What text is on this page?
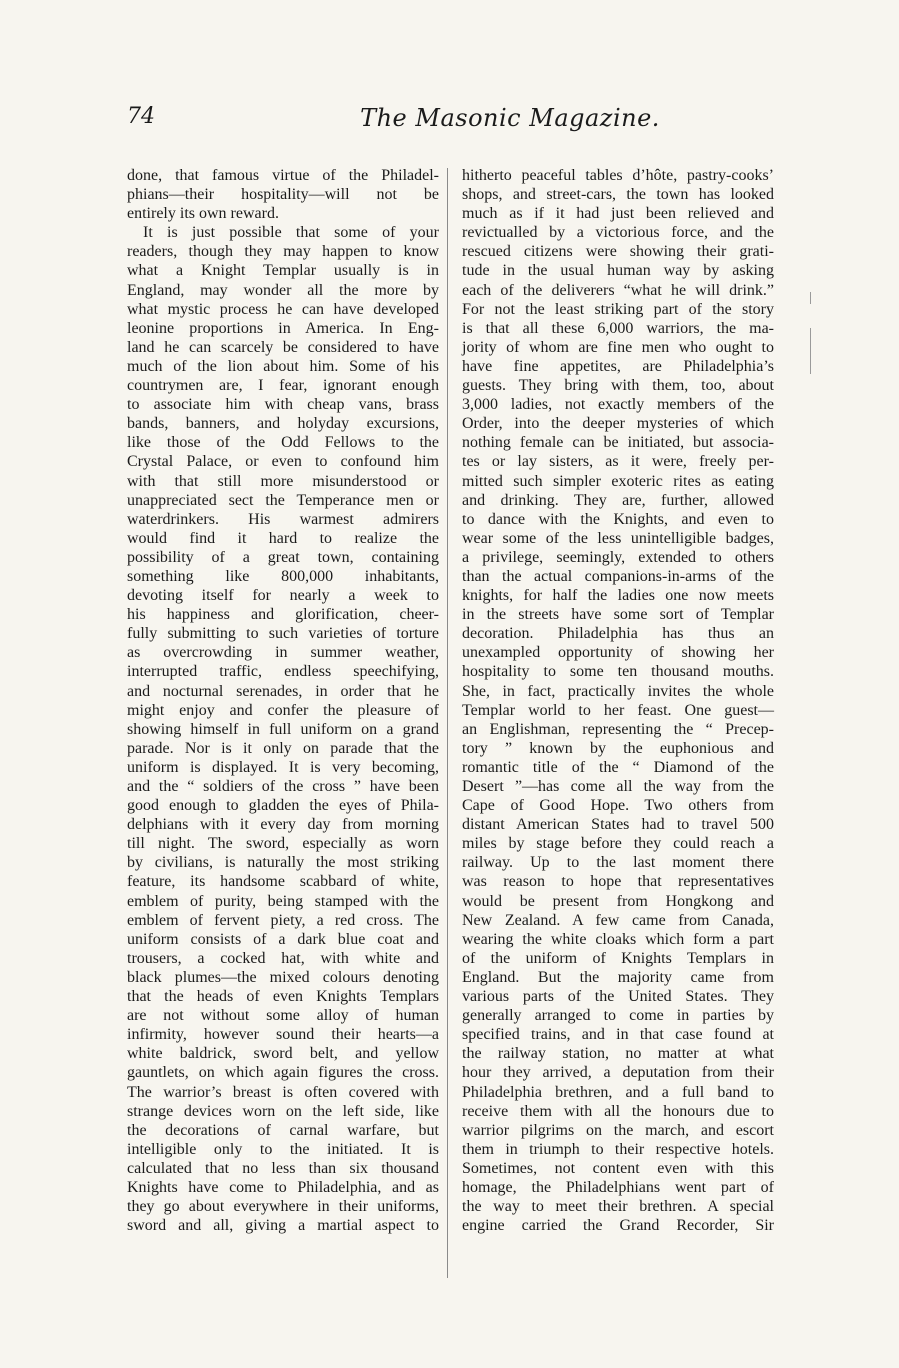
74	The Masonic Magazine.
done, that famous virtue of the Philadel-
phians—their hospitality—will not be
entirely its own reward.
It is just possible that some of your
readers, though they may happen to know
what a Knight Templar usually is in
England, may wonder all the more by
what mystic process he can have developed
leonine proportions in America. In Eng-
land he can scarcely be considered to have
much of the lion about him. Some of his
countrymen are, I fear, ignorant enough
to associate him with cheap vans, brass
bands, banners, and holyday excursions,
like those of the Odd Fellows to the
Crystal Palace, or even to confound him
with that still more misunderstood or
unappreciated sect the Temperance men or
waterdrinkers. His warmest admirers
would find it hard to realize the
possibility of a great town, containing
something like 800,000 inhabitants,
devoting itself for nearly a week to
his happiness and glorification, cheer-
fully submitting to such varieties of torture
as overcrowding in summer weather,
interrupted traffic, endless speechifying,
and nocturnal serenades, in order that he
might enjoy and confer the pleasure of
showing himself in full uniform on a grand
parade. Nor is it only on parade that the
uniform is displayed. It is very becoming,
and the “ soldiers of the cross ” have been
good enough to gladden the eyes of Phila-
delphians with it every day from morning
till night. The sword, especially as worn
by civilians, is naturally the most striking
feature, its handsome scabbard of white,
emblem of purity, being stamped with the
emblem of fervent piety, a red cross. The
uniform consists of a dark blue coat and
trousers, a cocked hat, with white and
black plumes—the mixed colours denoting
that the heads of even Knights Templars
are not without some alloy of human
infirmity, however sound their hearts—a
white baldrick, sword belt, and yellow
gauntlets, on which again figures the cross.
The warrior’s breast is often covered with
strange devices worn on the left side, like
the decorations of carnal warfare, but
intelligible only to the initiated. It is
calculated that no less than six thousand
Knights have come to Philadelphia, and as
they go about everywhere in their uniforms,
sword and all, giving a martial aspect to
hitherto peaceful tables d’hôte, pastry-cooks’
shops, and street-cars, the town has looked
much as if it had just been relieved and
revictualled by a victorious force, and the
rescued citizens were showing their grati-
tude in the usual human way by asking
each of the deliverers “what he will drink.”
For not the least striking part of the story
is that all these 6,000 warriors, the ma-
jority of whom are fine men who ought to
have fine appetites, are Philadelphia’s
guests. They bring with them, too, about
3,000 ladies, not exactly members of the
Order, into the deeper mysteries of which
nothing female can be initiated, but associa-
tes or lay sisters, as it were, freely per-
mitted such simpler exoteric rites as eating
and drinking. They are, further, allowed
to dance with the Knights, and even to
wear some of the less unintelligible badges,
a privilege, seemingly, extended to others
than the actual companions-in-arms of the
knights, for half the ladies one now meets
in the streets have some sort of Templar
decoration. Philadelphia has thus an
unexampled opportunity of showing her
hospitality to some ten thousand mouths.
She, in fact, practically invites the whole
Templar world to her feast. One guest—
an Englishman, representing the “ Precep-
tory ” known by the euphonious and
romantic title of the “ Diamond of the
Desert ”—has come all the way from the
Cape of Good Hope. Two others from
distant American States had to travel 500
miles by stage before they could reach a
railway. Up to the last moment there
was reason to hope that representatives
would be present from Hongkong and
New Zealand. A few came from Canada,
wearing the white cloaks which form a part
of the uniform of Knights Templars in
England. But the majority came from
various parts of the United States. They
generally arranged to come in parties by
specified trains, and in that case found at
the railway station, no matter at what
hour they arrived, a deputation from their
Philadelphia brethren, and a full band to
receive them with all the honours due to
warrior pilgrims on the march, and escort
them in triumph to their respective hotels.
Sometimes, not content even with this
homage, the Philadelphians went part of
the way to meet their brethren. A special
engine carried the Grand Recorder, Sir
